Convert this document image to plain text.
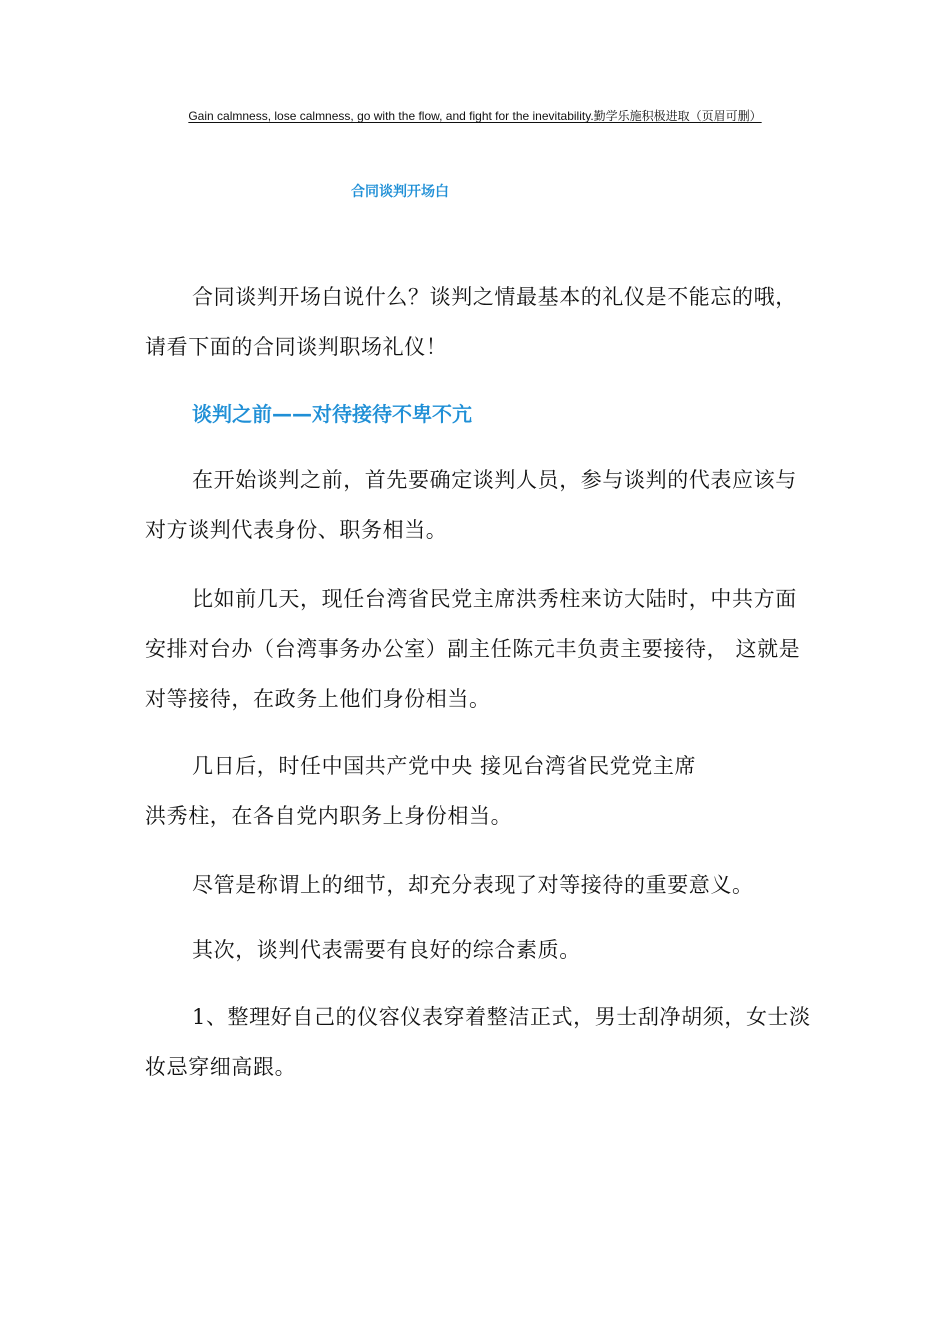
Gain calmness, lose calmness, go with the flow, and fight for the inevitability.勤学乐施积极进取（页眉可删）
合同谈判开场白

合同谈判开场白说什么？谈判之情最基本的礼仪是不能忘的哦，请看下面的合同谈判职场礼仪！

谈判之前——对待接待不卑不亢

在开始谈判之前，首先要确定谈判人员，参与谈判的代表应该与对方谈判代表身份、职务相当。

比如前几天，现任台湾省民党主席洪秀柱来访大陆时，中共方面安排对台办（台湾事务办公室）副主任陈元丰负责主要接待， 这就是对等接待，在政务上他们身份相当。

几日后，时任中国共产党中央 接见台湾省民党党主席

洪秀柱，在各自党内职务上身份相当。

尽管是称谓上的细节，却充分表现了对等接待的重要意义。

其次，谈判代表需要有良好的综合素质。

1、整理好自己的仪容仪表穿着整洁正式，男士刮净胡须，女士淡妆忌穿细高跟。
